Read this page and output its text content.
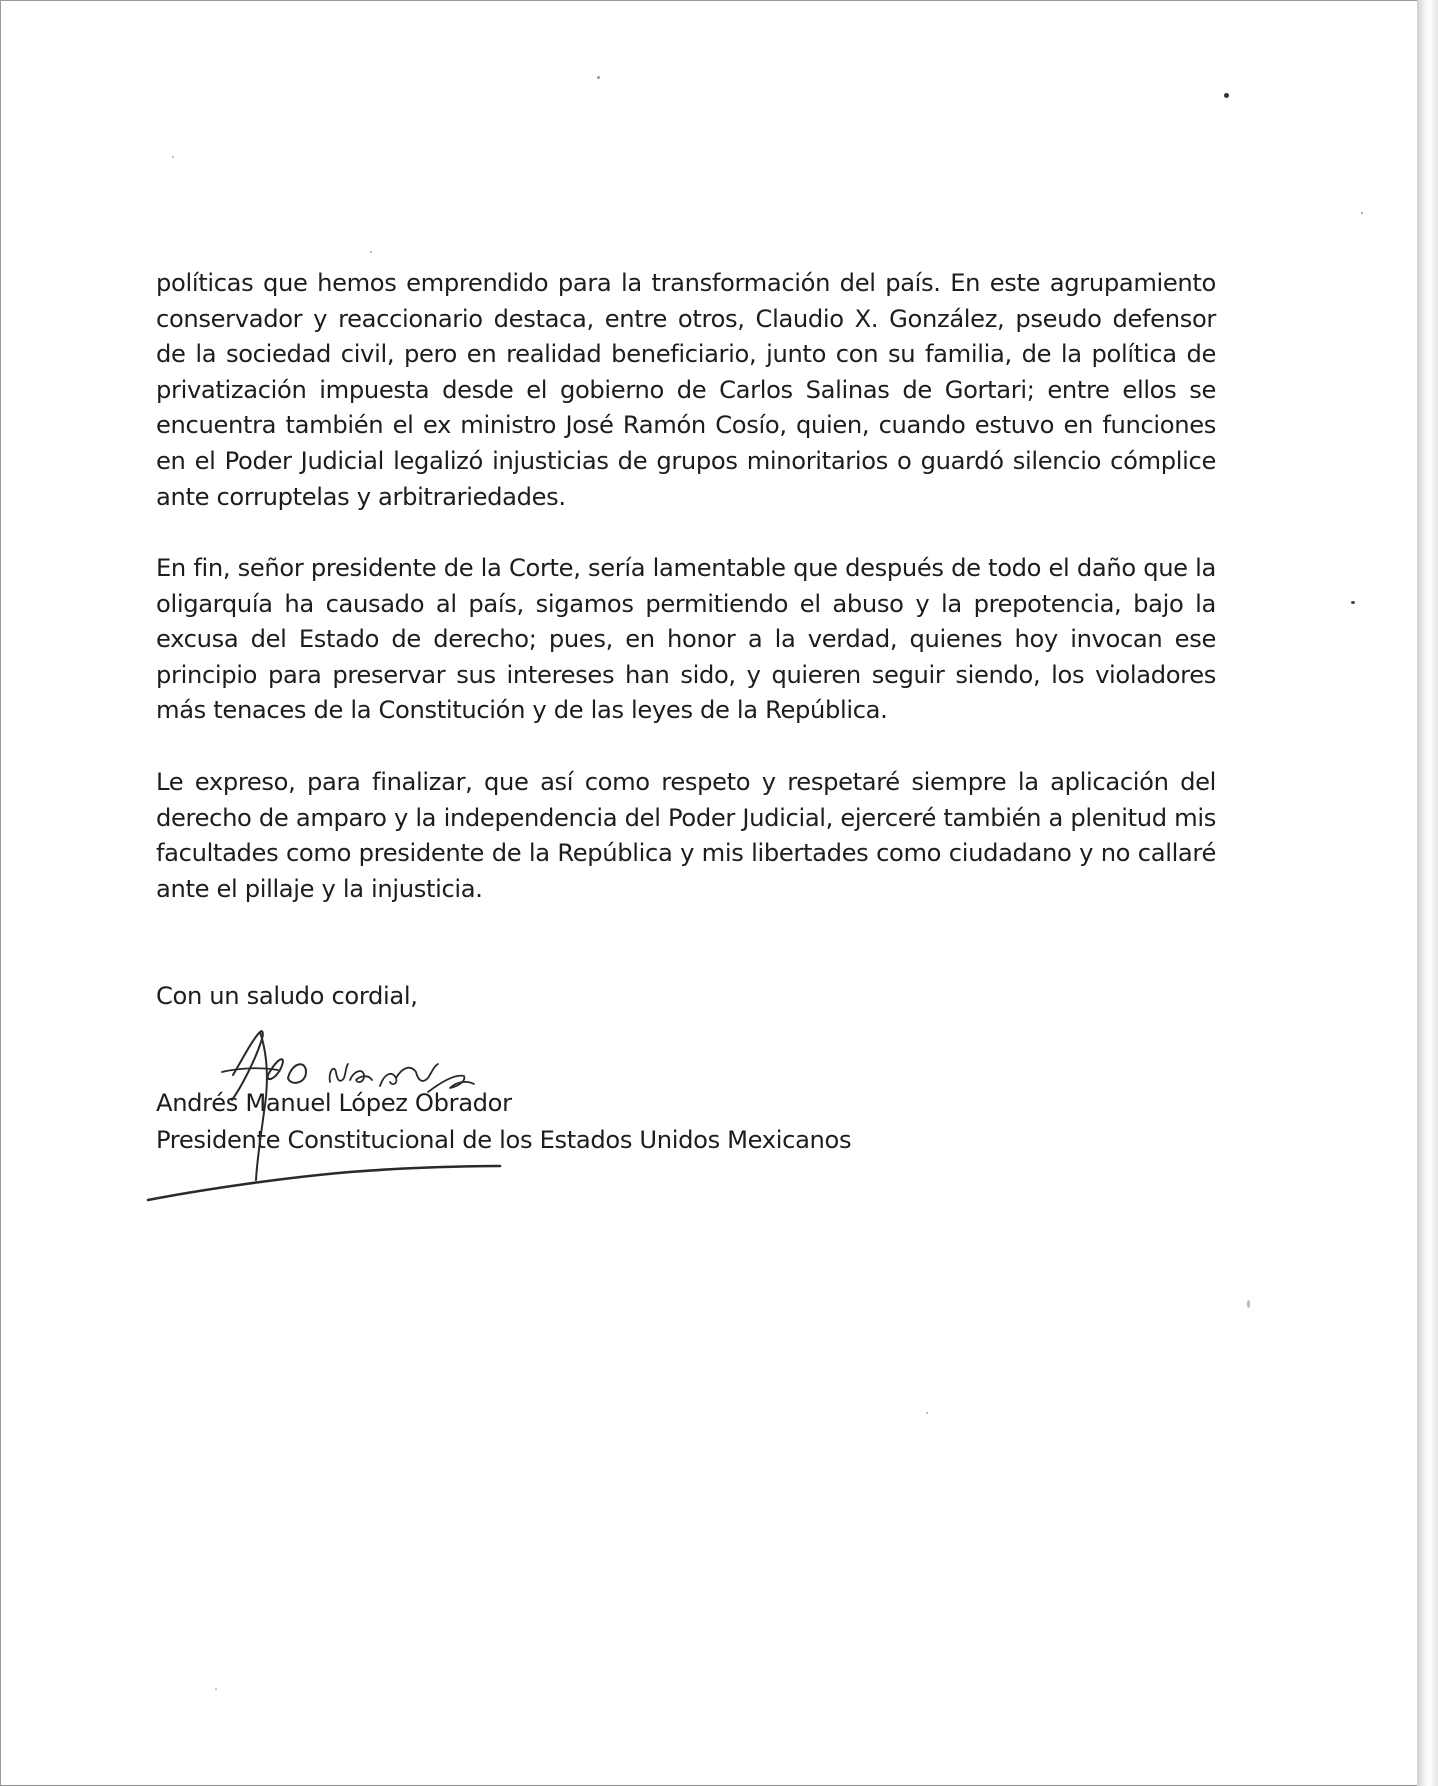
políticas que hemos emprendido para la transformación del país. En este agrupamiento conservador y reaccionario destaca, entre otros, Claudio X. González, pseudo defensor de la sociedad civil, pero en realidad beneficiario, junto con su familia, de la política de privatización impuesta desde el gobierno de Carlos Salinas de Gortari; entre ellos se encuentra también el ex ministro José Ramón Cosío, quien, cuando estuvo en funciones en el Poder Judicial legalizó injusticias de grupos minoritarios o guardó silencio cómplice ante corruptelas y arbitrariedades.

En fin, señor presidente de la Corte, sería lamentable que después de todo el daño que la oligarquía ha causado al país, sigamos permitiendo el abuso y la prepotencia, bajo la excusa del Estado de derecho; pues, en honor a la verdad, quienes hoy invocan ese principio para preservar sus intereses han sido, y quieren seguir siendo, los violadores más tenaces de la Constitución y de las leyes de la República.

Le expreso, para finalizar, que así como respeto y respetaré siempre la aplicación del derecho de amparo y la independencia del Poder Judicial, ejerceré también a plenitud mis facultades como presidente de la República y mis libertades como ciudadano y no callaré ante el pillaje y la injusticia.

Con un saludo cordial,
Andrés Manuel López Obrador
Presidente Constitucional de los Estados Unidos Mexicanos
